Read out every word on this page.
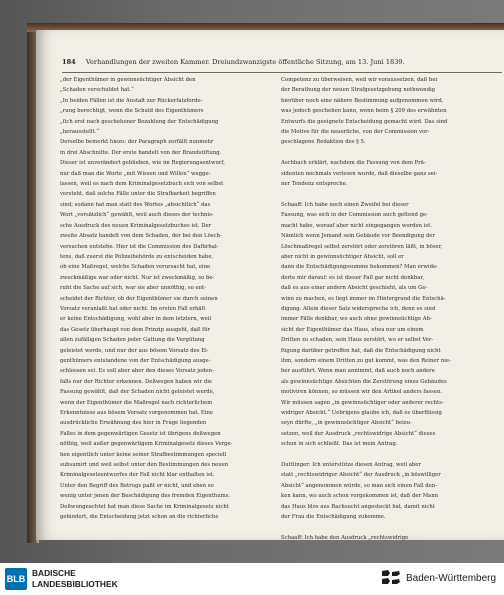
184 Verhandlungen der zweiten Kammer. Dreiundzwanzigste öffentliche Sitzung, am 13. Juni 1839.
„der Eigenthümer in gewinnsüchtiger Absicht den
„Schaden verschuldet hat.“
„In beiden Fällen ist die Anstalt zur Rückerſatzforde-
„rung berechtigt, wenn die Schuld des Eigenthümers
„ſich erst nach geschehener Bezahlung der Entschädigung
„herausstellt.“
Derselbe bemerkt hiezu: der Paragraph zerfällt nunmehr
in drei Abschnitte. Der erste handelt von der Brandstiftung.
Dieser ist unverändert geblieben, wie im Regierungsentwurf,
nur daß man die Worte „mit Wissen und Willen“ wegge-
lassen, weil es nach dem Kriminalgesetzbuch sich von selbst
versteht, daß solche Fälle unter die Strafbarkeit begriffen
sind; sodann hat man statt des Wortes „absichtlich“ das
Wort „vorsätzlich“ gewählt, weil auch dieses der technis-
sche Ausdruck des neuen Kriminalgesetzbuches ist. Der
zweite Absatz handelt von dem Schaden, der bei den Lösch-
versuchen entstehe. Hier ist die Commission des Dafürhal-
tens, daß zuerst die Polizeibehörde zu entscheiden habe,
ob eine Maßregel, welche Schaden verursacht hat, eine
zweckmäßige war oder nicht. Nur ist zweckmäßig, so be-
ruht die Sache auf sich, war sie aber unnöthig, so ent-
scheidet der Richter, ob der Eigenthümer sie durch seinen
Vorsatz veranlaßt hat oder nicht. Im ersten Fall erhält
er keine Entschädigung, wohl aber in dem letztern, weil
das Gesetz überhaupt von dem Prinzip ausgeht, daß für
allen zufälligen Schaden jeder Gattung die Vergütung
geleistet werde, und nur der aus bösem Vorsatz des Ei-
genthümers entstandene von der Entschädigung ausge-
schlossen sei. Es soll aber aber den dieses Vorsatz jeden-
falls nur der Richter erkennen. Deßwegen haben wir die
Fassung gewählt, daß der Schaden nicht geleistet werde,
wenn der Eigenthümer die Maßregel nach richterlichem
Erkenntnisse aus bösem Vorsatz vorgenommen hat. Eine
ausdrückliche Erwähnung des hier in Frage liegenden
Falles in dem gegenwärtigen Gesetz ist übrigens deßwegen
nöthig, weil außer gegenwärtigem Kriminalgesetz dieses Verge-
hen eigentlich unter keine seiner Strafbestimmungen speciell
subsumirt und weil selbst unter den Bestimmungen des neuen
Kriminalgesetzentwurfes der Fall nicht klar enthalten ist.
Unter den Begriff des Betrugs paßt er nicht, und eben so
wenig unter jenen der Beschädigung des fremden Eigenthums.
Deßwungeachtet hat man diese Sache im Kriminalgesetz nicht
gehindert, die Entscheidung jetzt schon an die richterliche
Competenz zu überweisen, weil wir voraussetzen, daß bei
der Berathung der neuen Strafgesetzgebung nothwendig
hierüber noch eine nähere Bestimmung aufgenommen wird,
was jedoch geschehen kann, wenn beim § 209 des erwähnten
Entwurfs die geeignete Entscheidung gemacht wird. Das sind
die Motive für die neuerliche, von der Commission vor-
geschlagene Redaktion des § 5.

Aschbach erklärt, nachdem die Fassung von dem Prä-
sidenten nochmals verlesen wurde, daß dieselbe ganz sei-
ner Tendenz entspreche.

Schaaff: Ich habe noch einen Zweifel bei dieser
Fassung, was sich in der Commission auch geltend ge-
macht habe, worauf aber nicht eingegangen worden ist.
Nämlich wenn Jemand sein Gebäude vor Beendigung der
Löschmaßregel selbst zerstört oder zerstören läßt, in böser,
aber nicht in gewinnsüchtiger Absicht, soll er
dann die Entschädigungssumme bekommen? Man erwide-
derte mir darauf: es ist dieser Fall gar nicht denkbar,
daß es aus einer andern Absicht geschieht, als um Ge-
winn zu machen, es liegt immer im Hintergrund die Entschä-
digung. Allein dieser Satz widerspreche ich, denn es sind
immer Fälle denkbar, wo auch ohne gewinnsüchtige Ab-
sicht der Eigenthümer das Haus, etwa nur um einem
Dritten zu schaden, sein Haus zerstört, wo er selbst Ver-
fügung darüber getroffen hat, daß die Entschädigung nicht
ihm, sondern einem Dritten zu gut kommt, was den Reiner nie-
her ausführt. Wenn man annimmt, daß auch noch andere
als gewinnsüchtige Absichten die Zerstörung eines Gebäudes
motiviren können, so müssen wir den Artikel anders fassen.
Wir müssen sagen „in gewinnsüchtiger oder anderer rechts-
widriger Absicht.“ Uebrigens glaube ich, daß es überflüssig
seyn dürfte, „in gewinnsüchtiger Absicht“ beizu-
setzen, weil der Ausdruck „rechtswidrige Absicht“ dieses
schon in sich schließt. Das ist mein Antrag.

Duttlinger: Ich unterstütze diesen Antrag, weil aber
statt „rechtswidriger Absicht“ der Ausdruck „in böswilliger
Absicht“ angenommen würde, so man sich einen Fall den-
ken kann, wo auch schon vorgekommen ist, daß der Mann
das Haus blos aus Rachsucht angesteckt hat, damit nicht
der Frau die Entschädigung zukomme.

Schaaff: Ich habe den Ausdruck „rechtswidrige
BLB
BADISCHE
LANDESBIBLIOTHEK	Baden-Württemberg
